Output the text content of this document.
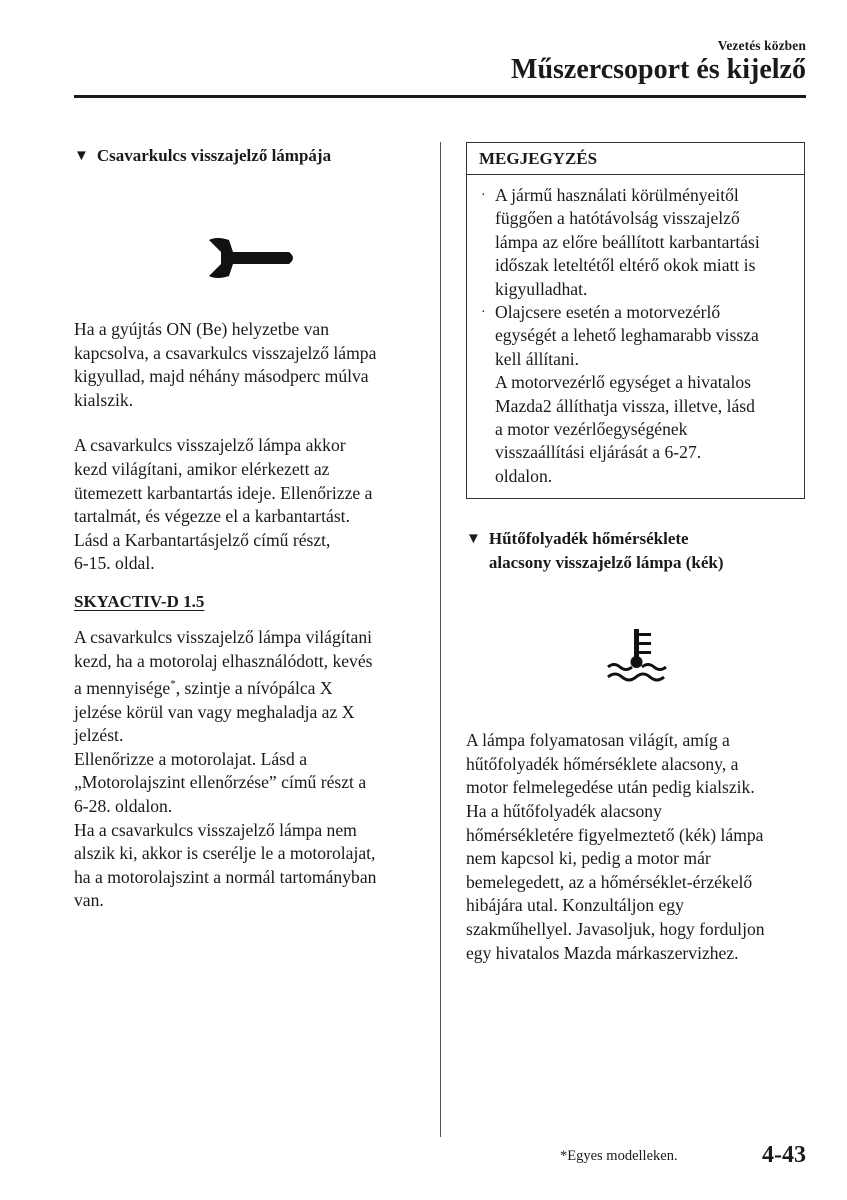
Vezetés közben
Műszercsoport és kijelző
▼ Csavarkulcs visszajelző lámpája
Ha a gyújtás ON (Be) helyzetbe van
kapcsolva, a csavarkulcs visszajelző lámpa
kigyullad, majd néhány másodperc múlva
kialszik.
A csavarkulcs visszajelző lámpa akkor
kezd világítani, amikor elérkezett az
ütemezett karbantartás ideje. Ellenőrizze a
tartalmát, és végezze el a karbantartást.
Lásd a Karbantartásjelző című részt,
6-15. oldal.
SKYACTIV-D 1.5
A csavarkulcs visszajelző lámpa világítani
kezd, ha a motorolaj elhasználódott, kevés
a mennyisége*, szintje a nívópálca X
jelzése körül van vagy meghaladja az X
jelzést.
Ellenőrizze a motorolajat. Lásd a
„Motorolajszint ellenőrzése” című részt a
6-28. oldalon.
Ha a csavarkulcs visszajelző lámpa nem
alszik ki, akkor is cserélje le a motorolajat,
ha a motorolajszint a normál tartományban
van.
MEGJEGYZÉS
· A jármű használati körülményeitől
függően a hatótávolság visszajelző
lámpa az előre beállított karbantartási
időszak leteltétől eltérő okok miatt is
kigyulladhat.
· Olajcsere esetén a motorvezérlő
egységét a lehető leghamarabb vissza
kell állítani.
A motorvezérlő egységet a hivatalos
Mazda2 állíthatja vissza, illetve, lásd
a motor vezérlőegységének
visszaállítási eljárását a 6-27.
oldalon.
▼ Hűtőfolyadék hőmérséklete
alacsony visszajelző lámpa (kék)
A lámpa folyamatosan világít, amíg a
hűtőfolyadék hőmérséklete alacsony, a
motor felmelegedése után pedig kialszik.
Ha a hűtőfolyadék alacsony
hőmérsékletére figyelmeztető (kék) lámpa
nem kapcsol ki, pedig a motor már
bemelegedett, az a hőmérséklet-érzékelő
hibájára utal. Konzultáljon egy
szakműhellyel. Javasoljuk, hogy forduljon
egy hivatalos Mazda márkaszervizhez.
*Egyes modelleken.	4-43
